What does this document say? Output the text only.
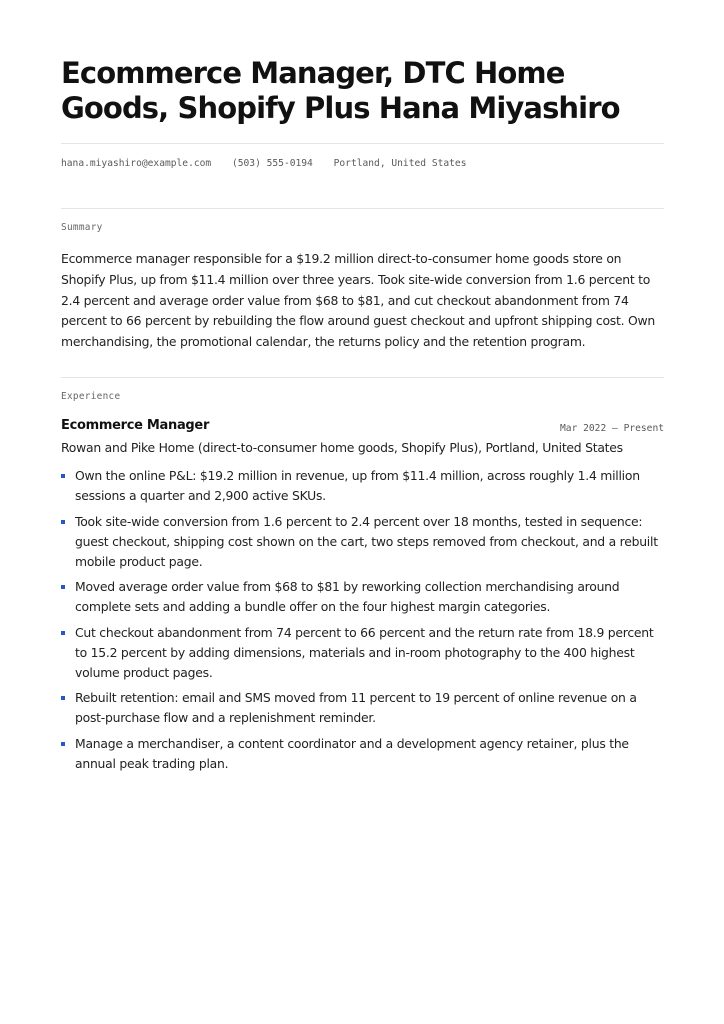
Ecommerce Manager, DTC Home Goods, Shopify Plus Hana Miyashiro
hana.miyashiro@example.com (503) 555-0194 Portland, United States
Summary

Ecommerce manager responsible for a $19.2 million direct-to-consumer home goods store on Shopify Plus, up from $11.4 million over three years. Took site-wide conversion from 1.6 percent to 2.4 percent and average order value from $68 to $81, and cut checkout abandonment from 74 percent to 66 percent by rebuilding the flow around guest checkout and upfront shipping cost. Own merchandising, the promotional calendar, the returns policy and the retention program.

Experience
Ecommerce Manager	Mar 2022 — Present
Rowan and Pike Home (direct-to-consumer home goods, Shopify Plus), Portland, United States
Own the online P&L: $19.2 million in revenue, up from $11.4 million, across roughly 1.4 million sessions a quarter and 2,900 active SKUs.
Took site-wide conversion from 1.6 percent to 2.4 percent over 18 months, tested in sequence: guest checkout, shipping cost shown on the cart, two steps removed from checkout, and a rebuilt mobile product page.
Moved average order value from $68 to $81 by reworking collection merchandising around complete sets and adding a bundle offer on the four highest margin categories.
Cut checkout abandonment from 74 percent to 66 percent and the return rate from 18.9 percent to 15.2 percent by adding dimensions, materials and in-room photography to the 400 highest volume product pages.
Rebuilt retention: email and SMS moved from 11 percent to 19 percent of online revenue on a post-purchase flow and a replenishment reminder.
Manage a merchandiser, a content coordinator and a development agency retainer, plus the annual peak trading plan.
